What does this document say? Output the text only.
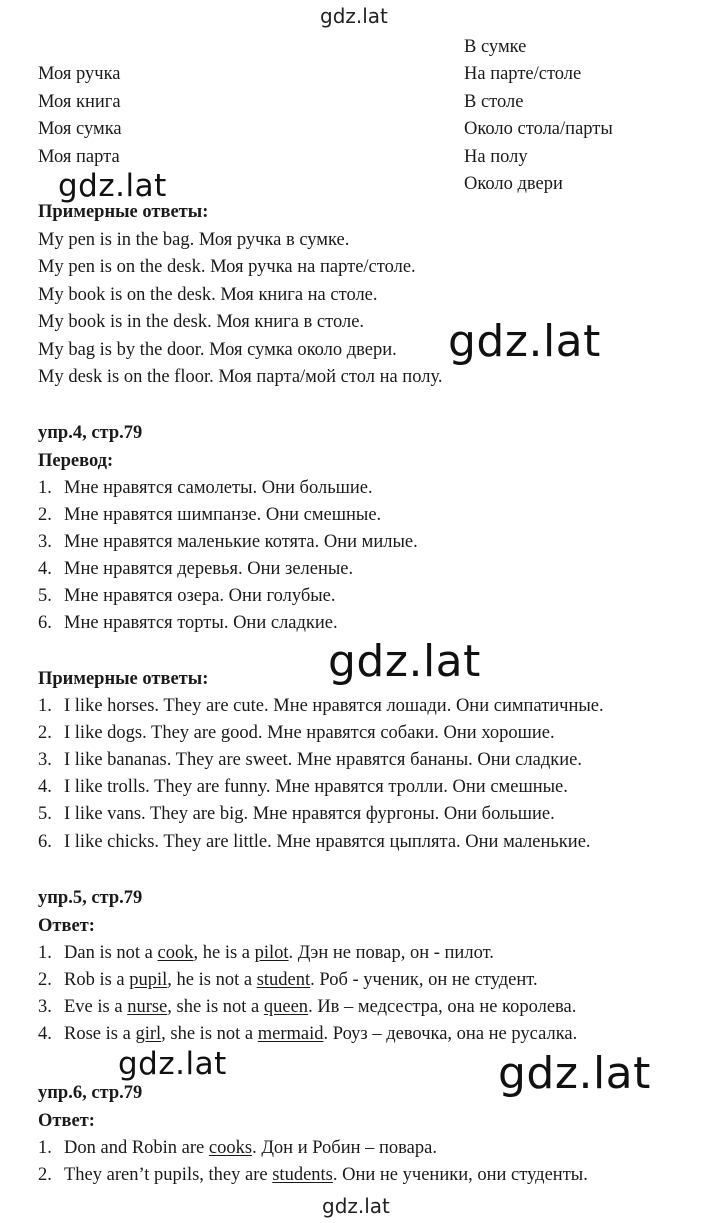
gdz.lat
В сумке
Моя ручка	На парте/столе
Моя книга	В столе
Моя сумка	Около стола/парты
Моя парта	На полу
Около двери
gdz.lat
Примерные ответы:
My pen is in the bag. Моя ручка в сумке.
My pen is on the desk. Моя ручка на парте/столе.
My book is on the desk. Моя книга на столе.
My book is in the desk. Моя книга в столе.
My bag is by the door. Моя сумка около двери.
My desk is on the floor. Моя парта/мой стол на полу.
gdz.lat
упр.4, стр.79
Перевод:
1. Мне нравятся самолеты. Они большие.
2. Мне нравятся шимпанзе. Они смешные.
3. Мне нравятся маленькие котята. Они милые.
4. Мне нравятся деревья. Они зеленые.
5. Мне нравятся озера. Они голубые.
6. Мне нравятся торты. Они сладкие.
gdz.lat
Примерные ответы:
1. I like horses. They are cute. Мне нравятся лошади. Они симпатичные.
2. I like dogs. They are good. Мне нравятся собаки. Они хорошие.
3. I like bananas. They are sweet. Мне нравятся бананы. Они сладкие.
4. I like trolls. They are funny. Мне нравятся тролли. Они смешные.
5. I like vans. They are big. Мне нравятся фургоны. Они большие.
6. I like chicks. They are little. Мне нравятся цыплята. Они маленькие.
упр.5, стр.79
Ответ:
1. Dan is not a cook, he is a pilot. Дэн не повар, он - пилот.
2. Rob is a pupil, he is not a student. Роб - ученик, он не студент.
3. Eve is a nurse, she is not a queen. Ив – медсестра, она не королева.
4. Rose is a girl, she is not a mermaid. Роуз – девочка, она не русалка.
gdz.lat	gdz.lat
упр.6, стр.79
Ответ:
1. Don and Robin are cooks. Дон и Робин – повара.
2. They aren’t pupils, they are students. Они не ученики, они студенты.
gdz.lat
